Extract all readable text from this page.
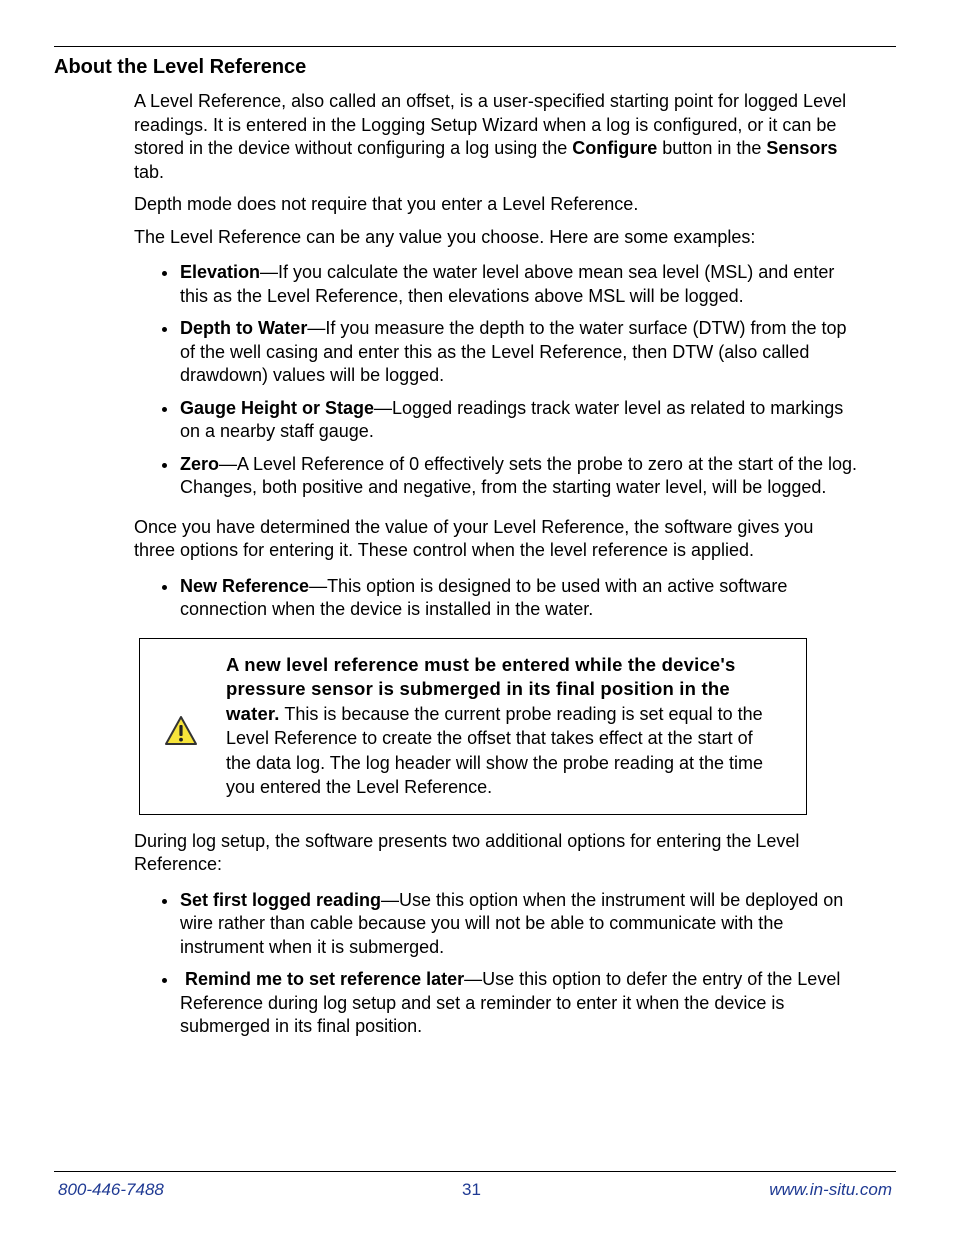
About the Level Reference

A Level Reference, also called an offset, is a user-specified starting point for logged Level readings. It is entered in the Logging Setup Wizard when a log is configured, or it can be stored in the device without configuring a log using the Configure button in the Sensors tab.

Depth mode does not require that you enter a Level Reference.

The Level Reference can be any value you choose. Here are some examples:

Elevation—If you calculate the water level above mean sea level (MSL) and enter this as the Level Reference, then elevations above MSL will be logged.
Depth to Water—If you measure the depth to the water surface (DTW) from the top of the well casing and enter this as the Level Reference, then DTW (also called drawdown) values will be logged.
Gauge Height or Stage—Logged readings track water level as related to markings on a nearby staff gauge.
Zero—A Level Reference of 0 effectively sets the probe to zero at the start of the log. Changes, both positive and negative, from the starting water level, will be logged.

Once you have determined the value of your Level Reference, the software gives you three options for entering it. These control when the level reference is applied.

New Reference—This option is designed to be used with an active software connection when the device is installed in the water.

A new level reference must be entered while the device's pressure sensor is submerged in its final position in the water. This is because the current probe reading is set equal to the Level Reference to create the offset that takes effect at the start of the data log. The log header will show the probe reading at the time you entered the Level Reference.

During log setup, the software presents two additional options for entering the Level Reference:

Set first logged reading—Use this option when the instrument will be deployed on wire rather than cable because you will not be able to communicate with the instrument when it is submerged.
Remind me to set reference later—Use this option to defer the entry of the Level Reference during log setup and set a reminder to enter it when the device is submerged in its final position.
800-446-7488	31	www.in-situ.com
